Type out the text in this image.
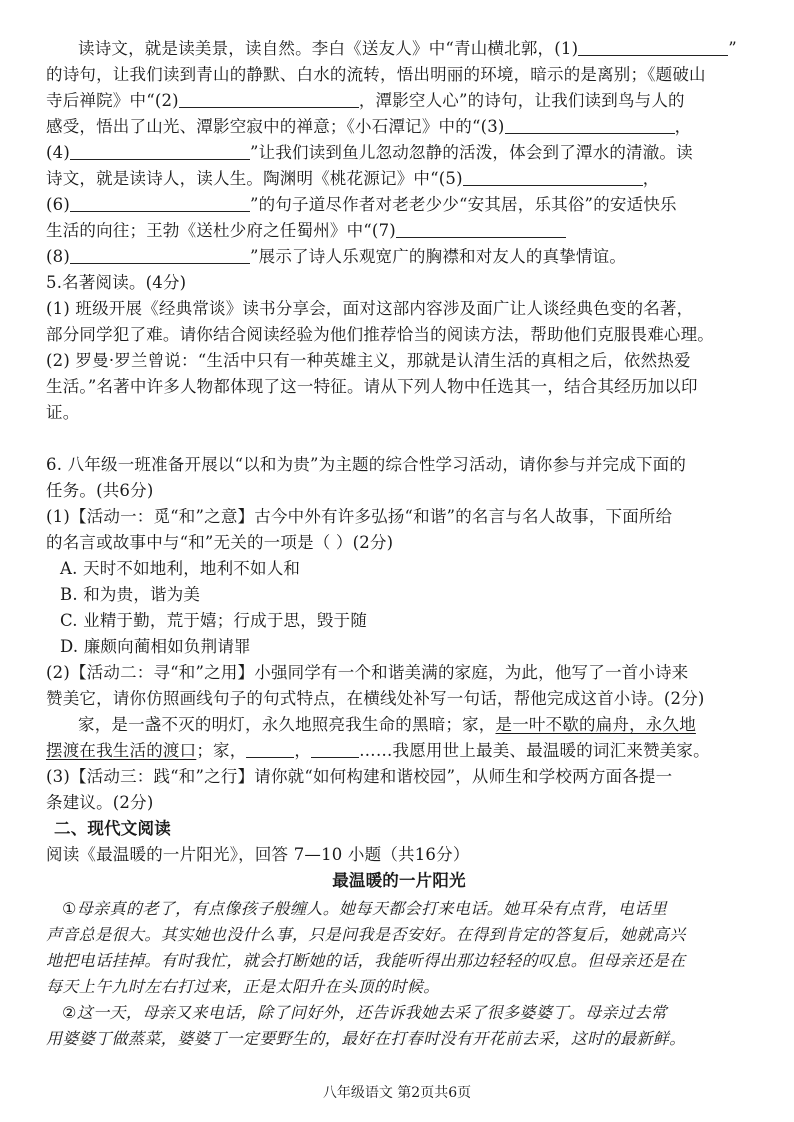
读诗文，就是读美景，读自然。李白《送友人》中“青山横北郭，(1)	”
的诗句，让我们读到青山的静默、白水的流转，悟出明丽的环境，暗示的是离别；《题破山
寺后禅院》中“(2)	，潭影空人心”的诗句，让我们读到鸟与人的
感受，悟出了山光、潭影空寂中的禅意；《小石潭记》中的“(3)	，
(4)	”让我们读到鱼儿忽动忽静的活泼，体会到了潭水的清澈。读
诗文，就是读诗人，读人生。陶渊明《桃花源记》中“(5)	，
(6)	”的句子道尽作者对老老少少“安其居，乐其俗”的安适快乐
生活的向往；王勃《送杜少府之任蜀州》中“(7)
(8)	”展示了诗人乐观宽广的胸襟和对友人的真挚情谊。
5.名著阅读。(4分)
(1) 班级开展《经典常谈》读书分享会，面对这部内容涉及面广让人谈经典色变的名著，
部分同学犯了难。请你结合阅读经验为他们推荐恰当的阅读方法，帮助他们克服畏难心理。
(2) 罗曼·罗兰曾说：“生活中只有一种英雄主义，那就是认清生活的真相之后，依然热爱
生活。”名著中许多人物都体现了这一特征。请从下列人物中任选其一，结合其经历加以印
证。
6. 八年级一班准备开展以“以和为贵”为主题的综合性学习活动，请你参与并完成下面的
任务。(共6分)
(1)【活动一：觅“和”之意】古今中外有许多弘扬“和谐”的名言与名人故事，下面所给
的名言或故事中与“和”无关的一项是（ ）(2分)
A. 天时不如地利，地利不如人和
B. 和为贵，谐为美
C. 业精于勤，荒于嬉；行成于思，毁于随
D. 廉颇向蔺相如负荆请罪
(2)【活动二：寻“和”之用】小强同学有一个和谐美满的家庭，为此，他写了一首小诗来
赞美它，请你仿照画线句子的句式特点，在横线处补写一句话，帮他完成这首小诗。(2分)
家，是一盏不灭的明灯，永久地照亮我生命的黑暗；家，是一叶不歇的扁舟，永久地
摆渡在我生活的渡口；家，	，	……我愿用世上最美、最温暖的词汇来赞美家。
(3)【活动三：践“和”之行】请你就“如何构建和谐校园”，从师生和学校两方面各提一
条建议。(2分)
二、现代文阅读
阅读《最温暖的一片阳光》，回答 7—10 小题（共16分）
最温暖的一片阳光
①母亲真的老了，有点像孩子般缠人。她每天都会打来电话。她耳朵有点背，电话里
声音总是很大。其实她也没什么事，只是问我是否安好。在得到肯定的答复后，她就高兴
地把电话挂掉。有时我忙，就会打断她的话，我能听得出那边轻轻的叹息。但母亲还是在
每天上午九时左右打过来，正是太阳升在头顶的时候。
②这一天，母亲又来电话，除了问好外，还告诉我她去采了很多婆婆丁。母亲过去常
用婆婆丁做蒸菜，婆婆丁一定要野生的，最好在打春时没有开花前去采，这时的最新鲜。
八年级语文 第2页共6页
